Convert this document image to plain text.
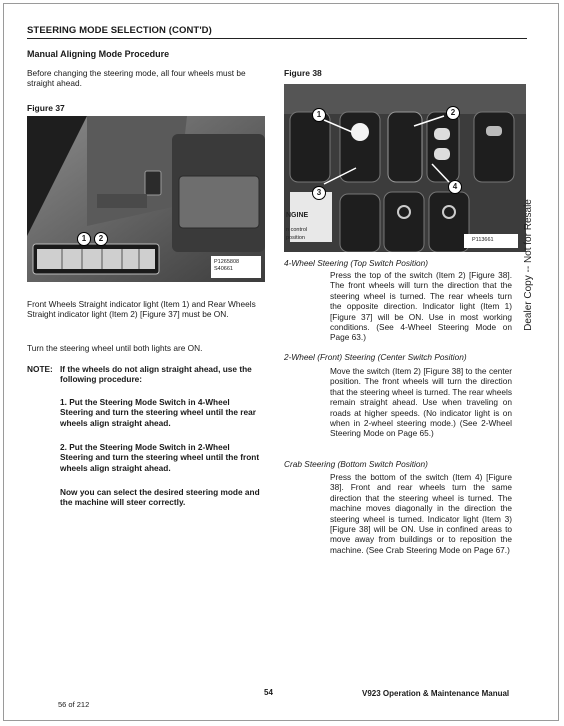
STEERING MODE SELECTION (CONT'D)
Manual Aligning Mode Procedure
Before changing the steering mode, all four wheels must be straight ahead.
Figure 37
1	2
P1265808
S40661
Front Wheels Straight indicator light (Item 1) and Rear Wheels Straight indicator light (Item 2) [Figure 37] must be ON.
Turn the steering wheel until both lights are ON.
NOTE: If the wheels do not align straight ahead, use the following procedure:
1. Put the Steering Mode Switch in 4-Wheel Steering and turn the steering wheel until the rear wheels align straight ahead.
2. Put the Steering Mode Switch in 2-Wheel Steering and turn the steering wheel until the front wheels align straight ahead.
Now you can select the desired steering mode and the machine will steer correctly.
Figure 38
1	2
3
4
NGINE
n control
position	P113661
4-Wheel Steering (Top Switch Position)
Press the top of the switch (Item 2) [Figure 38]. The front wheels will turn the direction that the steering wheel is turned. The rear wheels turn the opposite direction. Indicator light (Item 1) [Figure 37] will be ON. Use in most working conditions. (See 4-Wheel Steering Mode on Page 63.)
2-Wheel (Front) Steering (Center Switch Position)
Move the switch (Item 2) [Figure 38] to the center position. The front wheels will turn the direction that the steering wheel is turned. The rear wheels remain straight ahead. Use when traveling on roads at higher speeds. (No indicator light is on when in 2-wheel steering mode.) (See 2-Wheel Steering Mode on Page 65.)
Crab Steering (Bottom Switch Position)
Press the bottom of the switch (Item 4) [Figure 38]. Front and rear wheels turn the same direction that the steering wheel is turned. The machine moves diagonally in the direction the steering wheel is turned. Indicator light (Item 3) [Figure 38] will be ON. Use in confined areas to move away from buildings or to reposition the machine. (See Crab Steering Mode on Page 67.)
Dealer Copy -- Not for Resale
56 of 212
54	V923 Operation & Maintenance Manual
